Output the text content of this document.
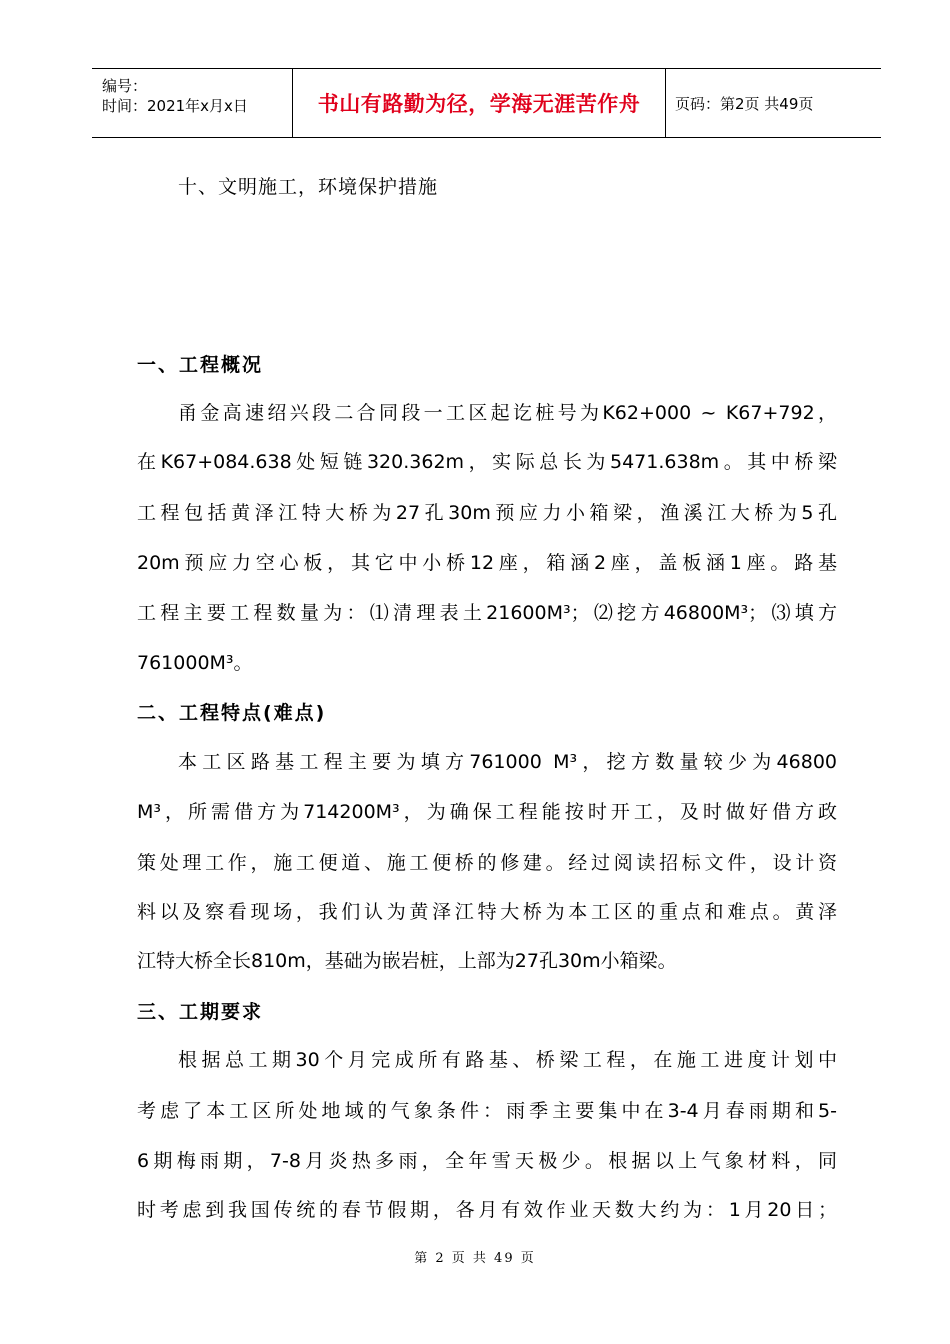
编号：
时间：2021年x月x日	书山有路勤为径，学海无涯苦作舟 页码：第2页 共49页
十、文明施工，环境保护措施
一、工程概况
甬金高速绍兴段二合同段一工区起讫桩号为K62+000 ~ K67+792，
在K67+084.638处短链320.362m，实际总长为5471.638m。其中桥梁
工程包括黄泽江特大桥为27孔30m预应力小箱梁，渔溪江大桥为5孔
20m预应力空心板，其它中小桥12座，箱涵2座，盖板涵1座。路基
工程主要工程数量为：⑴清理表土21600M³；⑵挖方46800M³；⑶填方
761000M³。
二、工程特点(难点)
本工区路基工程主要为填方761000 M³，挖方数量较少为46800
M³，所需借方为714200M³，为确保工程能按时开工，及时做好借方政
策处理工作，施工便道、施工便桥的修建。经过阅读招标文件，设计资
料以及察看现场，我们认为黄泽江特大桥为本工区的重点和难点。黄泽
江特大桥全长810m，基础为嵌岩桩，上部为27孔30m小箱梁。
三、工期要求
根据总工期30个月完成所有路基、桥梁工程，在施工进度计划中
考虑了本工区所处地域的气象条件：雨季主要集中在3-4月春雨期和5-
6期梅雨期，7-8月炎热多雨，全年雪天极少。根据以上气象材料，同
时考虑到我国传统的春节假期，各月有效作业天数大约为：1月20日；
第 2 页 共 49 页
